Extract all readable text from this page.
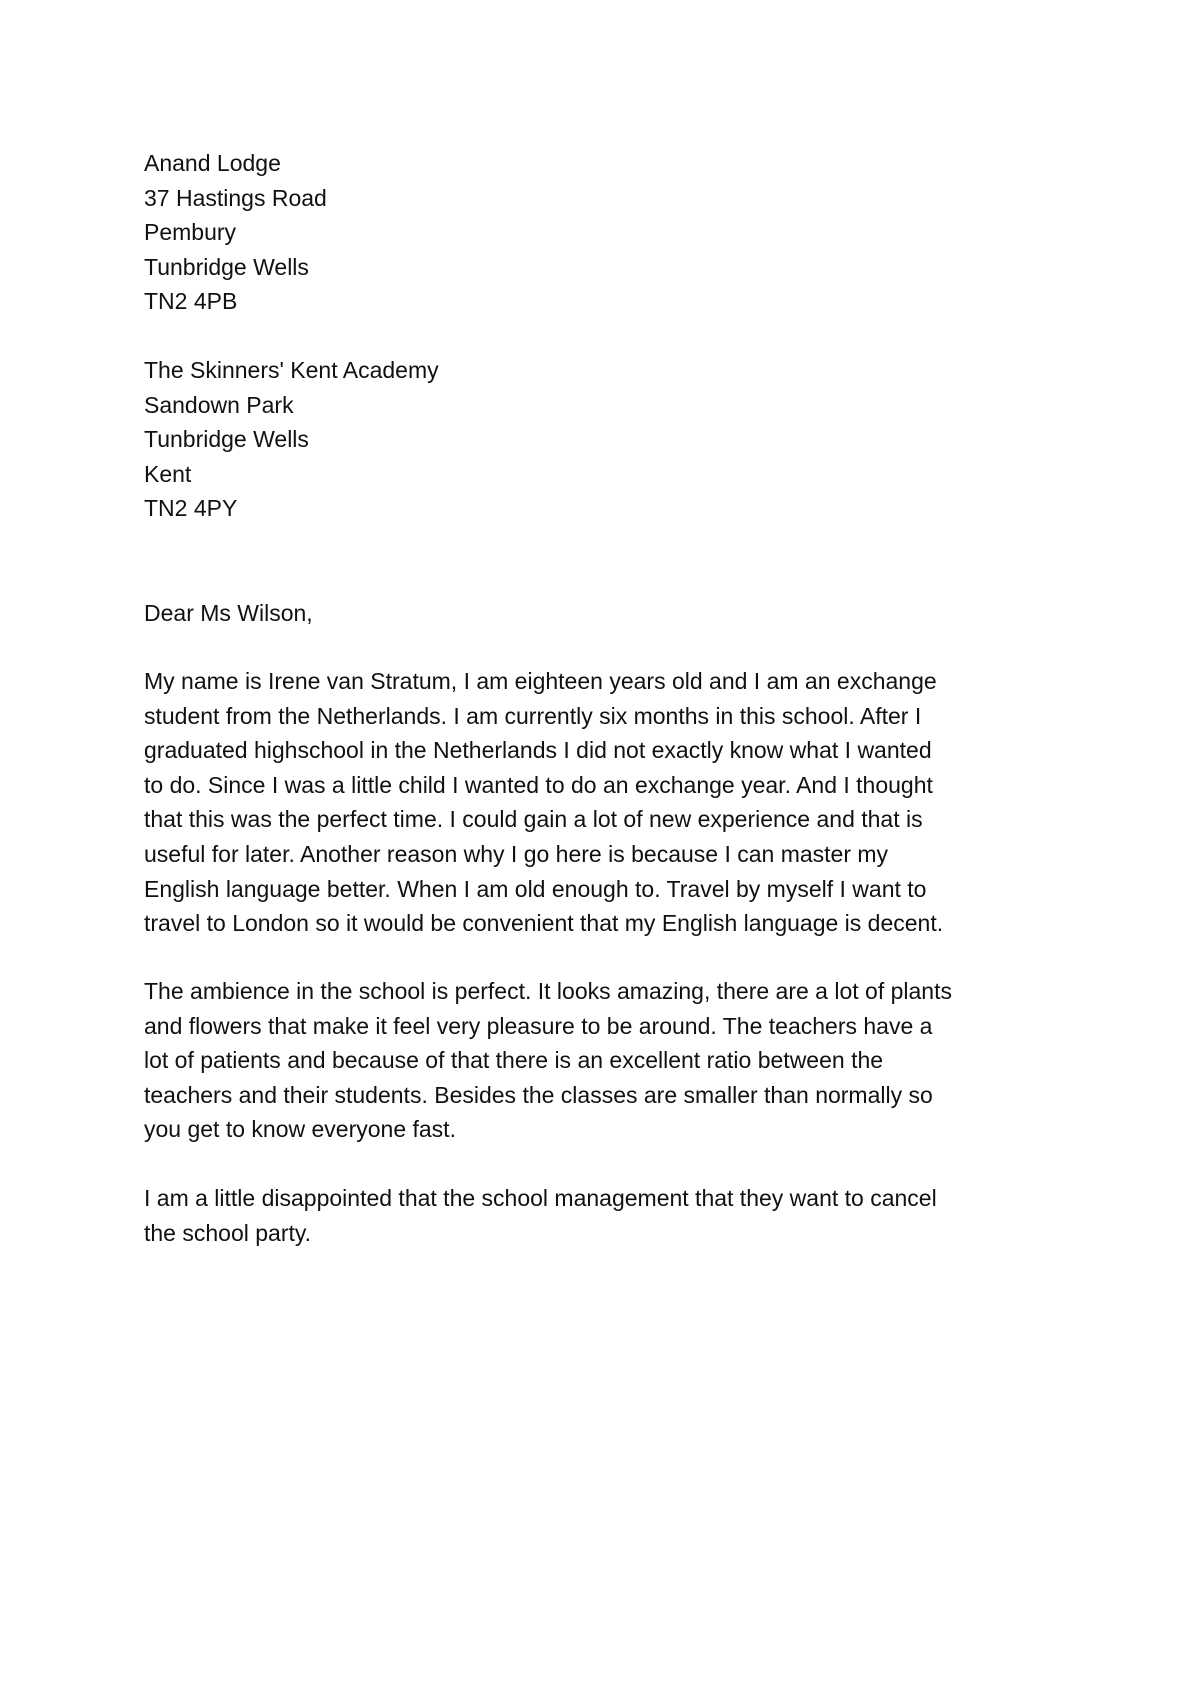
Anand Lodge
37 Hastings Road
Pembury
Tunbridge Wells
TN2 4PB
The Skinners' Kent Academy
Sandown Park
Tunbridge Wells
Kent
TN2 4PY
Dear Ms Wilson,
My name is Irene van Stratum, I am eighteen years old and I am an exchange
student from the Netherlands. I am currently six months in this school. After I
graduated highschool in the Netherlands I did not exactly know what I wanted
to do. Since I was a little child I wanted to do an exchange year. And I thought
that this was the perfect time. I could gain a lot of new experience and that is
useful for later. Another reason why I go here is because I can master my
English language better. When I am old enough to. Travel by myself I want to
travel to London so it would be convenient that my English language is decent.
The ambience in the school is perfect. It looks amazing, there are a lot of plants
and flowers that make it feel very pleasure to be around. The teachers have a
lot of patients and because of that there is an excellent ratio between the
teachers and their students. Besides the classes are smaller than normally so
you get to know everyone fast.
I am a little disappointed that the school management that they want to cancel
the school party.
